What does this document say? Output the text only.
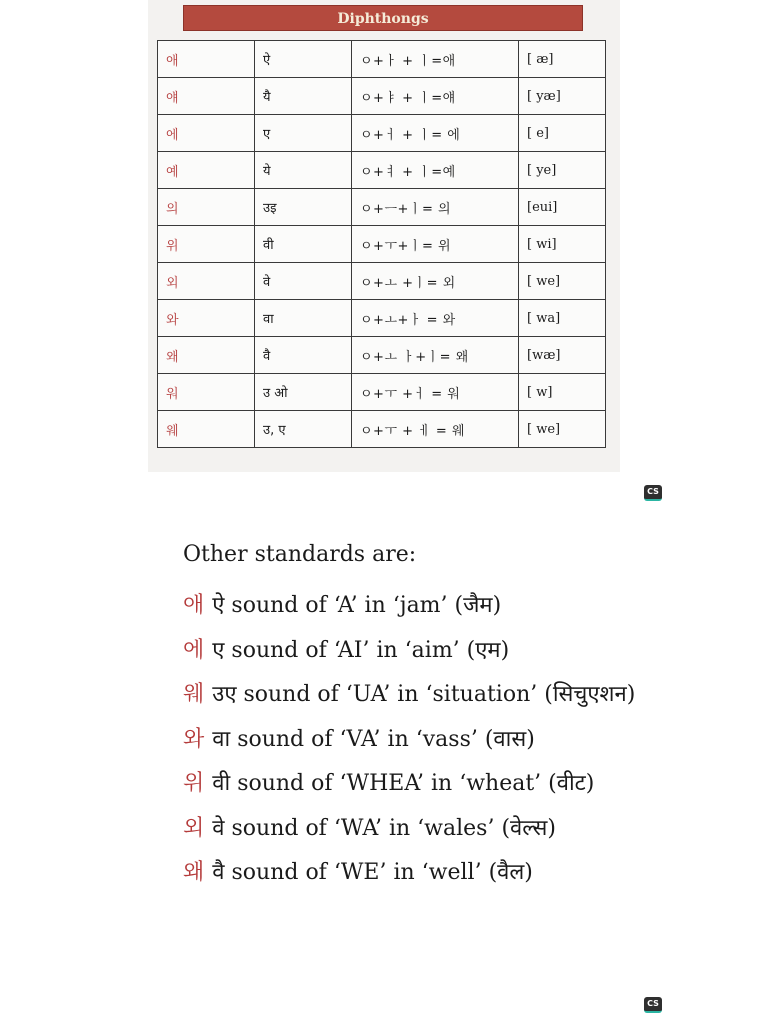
Diphthongs
애	ऐ	ㅇ+ㅏ + ㅣ=애	[ æ]
얘	यै	ㅇ+ㅑ + ㅣ=얘	[ yæ]
에	ए	ㅇ+ㅓ + ㅣ= 에	[ e]
예	ये	ㅇ+ㅕ + ㅣ=예	[ ye]
의	उइ	ㅇ+ㅡ+ㅣ= 의	[eui]
위	वी	ㅇ+ㅜ+ㅣ= 위	[ wi]
외	वे	ㅇ+ㅗ +ㅣ= 외	[ we]
와	वा	ㅇ+ㅗ+ㅏ = 와	[ wa]
왜	वै	ㅇ+ㅗ ㅏ+ㅣ= 왜	[wæ]
워	उ ओ	ㅇ+ㅜ +ㅓ = 워	[ w]
웨	उ, ए	ㅇ+ㅜ + ㅔ = 웨	[ we]
CS
Other standards are:
애 ऐ sound of ‘A’ in ‘jam’ (जैम)
에 ए sound of ‘AI’ in ‘aim’ (एम)
웨 उए sound of ‘UA’ in ‘situation’ (सिचुएशन)
와 वा sound of ‘VA’ in ‘vass’ (वास)
위 वी sound of ‘WHEA’ in ‘wheat’ (वीट)
외 वे sound of ‘WA’ in ‘wales’ (वेल्स)
왜 वै sound of ‘WE’ in ‘well’ (वैल)
CS
